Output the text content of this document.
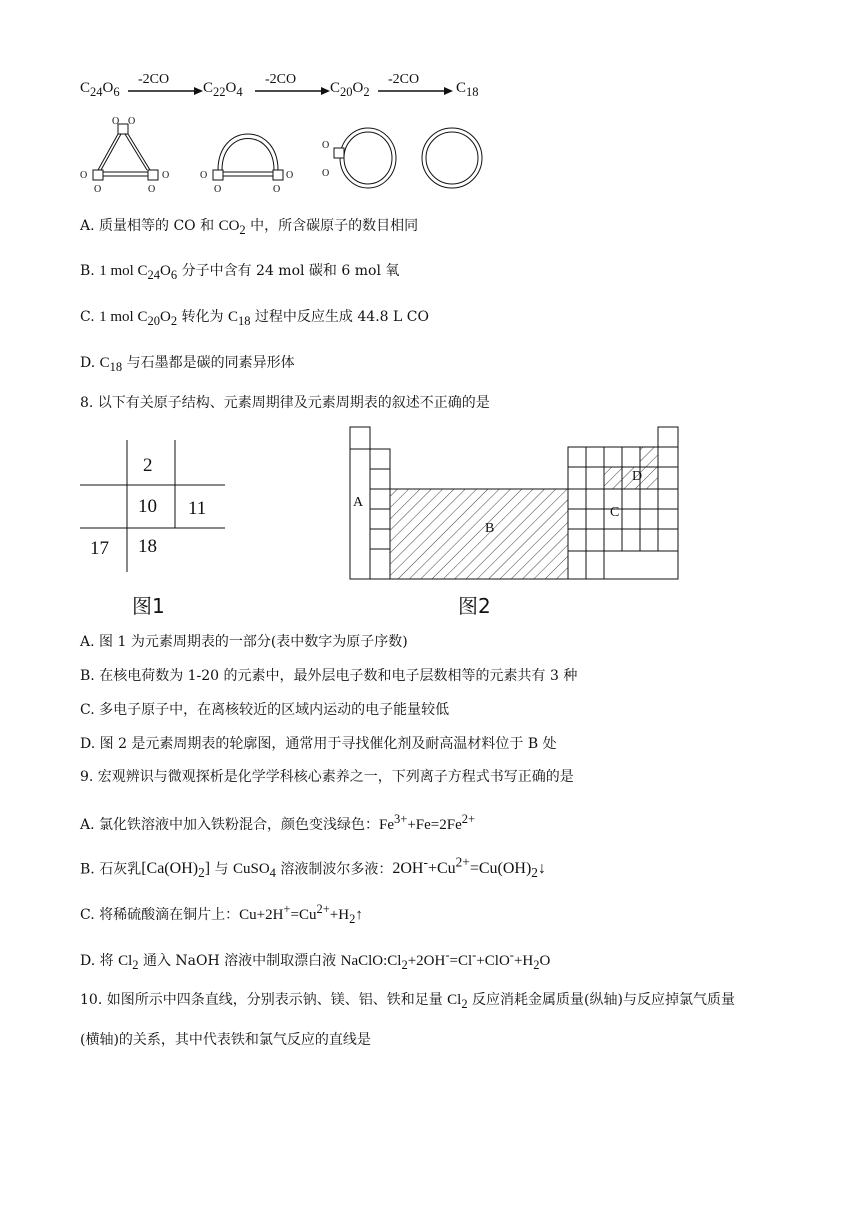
$C_{24}O_6$
-2CO
$C_{22}O_4$
-2CO
$C_{20}O_2$
-2CO
$C_{18}$
O O
O
O
O
O
O
O
O
O
O
O
A. 质量相等的 CO 和 $CO_2$ 中，所含碳原子的数目相同
B. 1 mol $C_{24}O_6$ 分子中含有 24 mol 碳和 6 mol 氧
C. 1 mol $C_{20}O_2$ 转化为 $C_{18}$ 过程中反应生成 44.8 L CO
D. $C_{18}$ 与石墨都是碳的同素异形体
8. 以下有关原子结构、元素周期律及元素周期表的叙述不正确的是
2
10 11
17 18
图1
A
B
C
D
图2
A. 图 1 为元素周期表的一部分(表中数字为原子序数)
B. 在核电荷数为 1-20 的元素中，最外层电子数和电子层数相等的元素共有 3 种
C. 多电子原子中，在离核较近的区域内运动的电子能量较低
D. 图 2 是元素周期表的轮廓图，通常用于寻找催化剂及耐高温材料位于 B 处
9. 宏观辨识与微观探析是化学学科核心素养之一，下列离子方程式书写正确的是
A. 氯化铁溶液中加入铁粉混合，颜色变浅绿色：$Fe^{3+}+Fe=2Fe^{2+}$
B. 石灰乳$[Ca(OH)_2]$ 与 CuSO$_4$ 溶液制波尔多液：$2OH^-+Cu^{2+}=Cu(OH)_2↓$
C. 将稀硫酸滴在铜片上：$Cu+2H^+=Cu^{2+}+H_2↑$
D. 将 $Cl_2$ 通入 NaOH 溶液中制取漂白液 $NaClO:Cl_2+2OH^-=Cl^-+ClO^-+H_2O$
10. 如图所示中四条直线，分别表示钠、镁、铝、铁和足量 $Cl_2$ 反应消耗金属质量(纵轴)与反应掉氯气质量
(横轴)的关系，其中代表铁和氯气反应的直线是
